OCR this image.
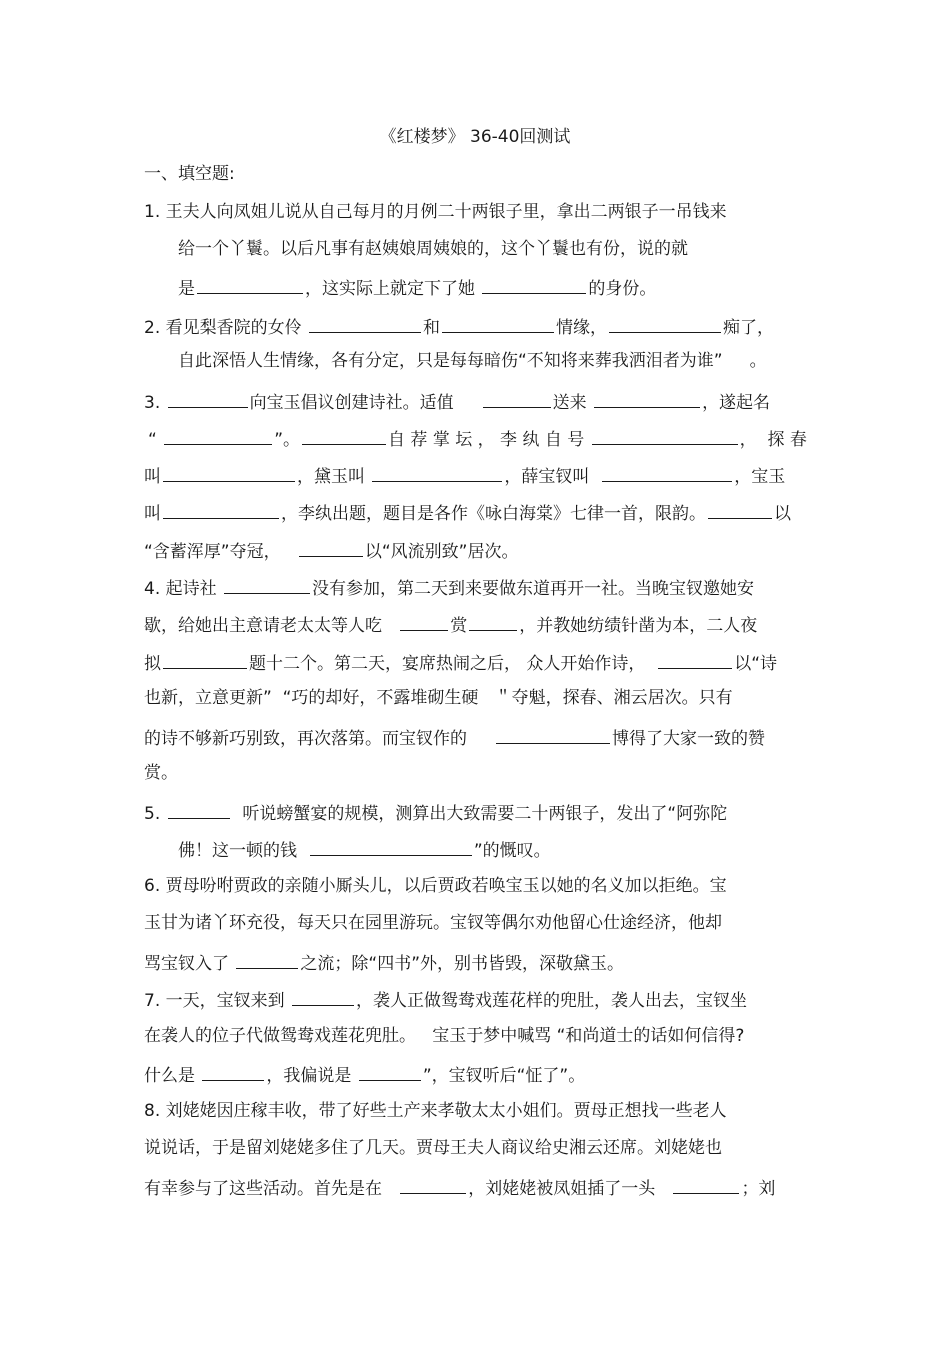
《红楼梦》 36-40回测试
一、填空题:
1. 王夫人向凤姐儿说从自己每月的月例二十两银子里，拿出二两银子一吊钱来
给一个丫鬟。以后凡事有赵姨娘周姨娘的，这个丫鬟也有份，说的就
是	，这实际上就定下了她	的身份。
2. 看见梨香院的女伶	和	情缘，	痴了，
自此深悟人生情缘，各有分定，只是每每暗伤“不知将来葬我洒泪者为谁”     。
3.	向宝玉倡议创建诗社。适值	送来	，遂起名
“	”。	自 荐 掌 坛 ， 李 纨 自 号	，  探 春
叫	，黛玉叫	，薛宝钗叫	，宝玉
叫	，李纨出题，题目是各作《咏白海棠》七律一首，限韵。	以
“含蓄浑厚”夺冠，	以“风流别致”居次。
4. 起诗社	没有参加，第二天到来要做东道再开一社。当晚宝钗邀她安
歇，给她出主意请老太太等人吃	赏	，并教她纺绩针凿为本，二人夜
拟	题十二个。第二天，宴席热闹之后， 众人开始作诗，	以“诗
也新，立意更新”  “巧的却好，不露堆砌生硬   ＂夺魁，探春、湘云居次。只有
的诗不够新巧别致，再次落第。而宝钗作的	博得了大家一致的赞
赏。
5.	听说螃蟹宴的规模，测算出大致需要二十两银子，发出了“阿弥陀
佛！这一顿的钱	”的慨叹。
6. 贾母吩咐贾政的亲随小厮头儿，以后贾政若唤宝玉以她的名义加以拒绝。宝
玉甘为诸丫环充役，每天只在园里游玩。宝钗等偶尔劝他留心仕途经济，他却
骂宝钗入了	之流；除“四书”外，别书皆毁，深敬黛玉。
7. 一天，宝钗来到	，袭人正做鸳鸯戏莲花样的兜肚，袭人出去，宝钗坐
在袭人的位子代做鸳鸯戏莲花兜肚。   宝玉于梦中喊骂 “和尚道士的话如何信得?
什么是	，我偏说是	”，宝钗听后“怔了”。
8. 刘姥姥因庄稼丰收，带了好些土产来孝敬太太小姐们。贾母正想找一些老人
说说话，于是留刘姥姥多住了几天。贾母王夫人商议给史湘云还席。刘姥姥也
有幸参与了这些活动。首先是在	，刘姥姥被凤姐插了一头	；刘
